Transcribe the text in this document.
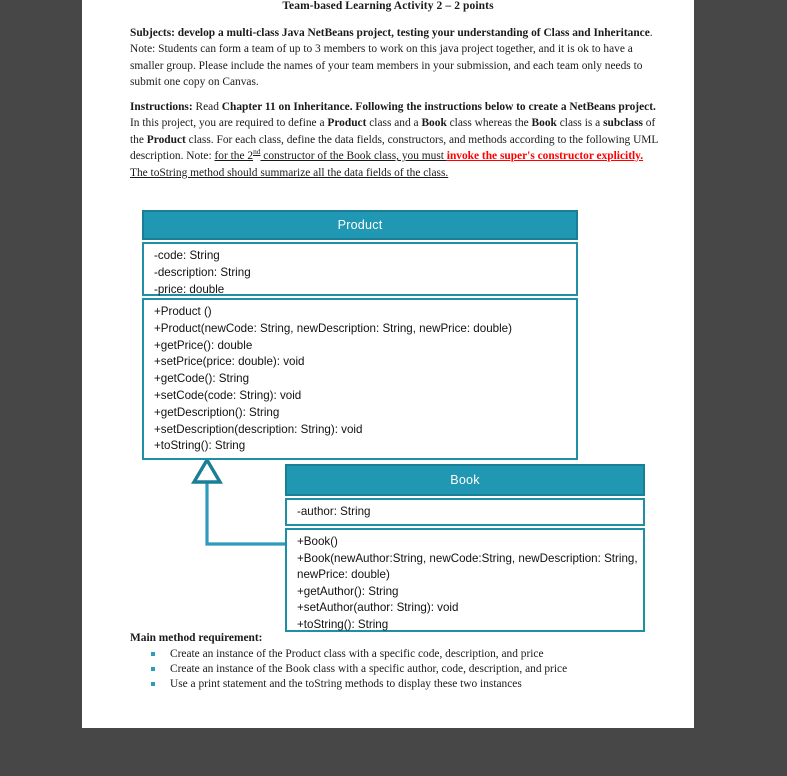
Team-based Learning Activity 2 – 2 points
Subjects: develop a multi-class Java NetBeans project, testing your understanding of Class and Inheritance. Note: Students can form a team of up to 3 members to work on this java project together, and it is ok to have a smaller group. Please include the names of your team members in your submission, and each team only needs to submit one copy on Canvas.
Instructions: Read Chapter 11 on Inheritance. Following the instructions below to create a NetBeans project. In this project, you are required to define a Product class and a Book class whereas the Book class is a subclass of the Product class. For each class, define the data fields, constructors, and methods according to the following UML description. Note: for the 2nd constructor of the Book class, you must invoke the super's constructor explicitly. The toString method should summarize all the data fields of the class.
Product
-code: String
-description: String
-price: double
+Product ()
+Product(newCode: String, newDescription: String, newPrice: double)
+getPrice(): double
+setPrice(price: double): void
+getCode(): String
+setCode(code: String): void
+getDescription(): String
+setDescription(description: String): void
+toString(): String
Book
-author: String
+Book()
+Book(newAuthor:String, newCode:String, newDescription: String, newPrice: double)
+getAuthor(): String
+setAuthor(author: String): void
+toString(): String
Main method requirement:
Create an instance of the Product class with a specific code, description, and price
Create an instance of the Book class with a specific author, code, description, and price
Use a print statement and the toString methods to display these two instances
